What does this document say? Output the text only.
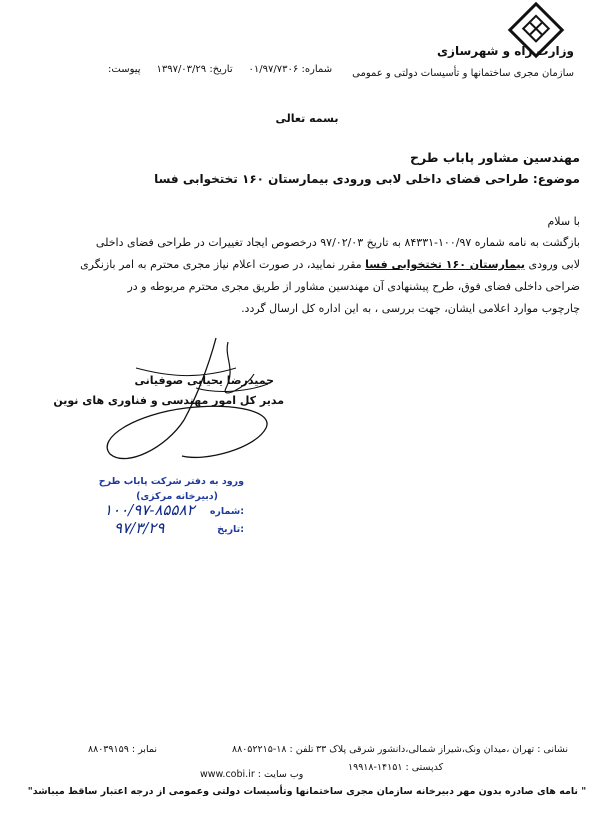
وزارت راه و شهرسازی
سازمان مجری ساختمانها و تأسیسات دولتی و عمومی
شماره: ۰۱/۹۷/۷۳۰۶     تاریخ: ۱۳۹۷/۰۳/۲۹     پیوست:
بسمه تعالی
مهندسین مشاور پاباب طرح
موضوع: طراحی فضای داخلی لابی ورودی بیمارستان ۱۶۰ تختخوابی فسا
با سلام
بازگشت به نامه شماره ۱۰۰/۹۷-۸۴۳۳۱ به تاریخ ۹۷/۰۲/۰۳ درخصوص ایجاد تغییرات در طراحی فضای داخلی
لابی ورودی بیمارستان ۱۶۰ تختخوابی فسا مقرر نمایید، در صورت اعلام نیاز مجری محترم به امر بازنگری
ضراحی داخلی فضای فوق، طرح پیشنهادی آن مهندسین مشاور از طریق مجری محترم مربوطه و در
چارچوب موارد اعلامی ایشان، جهت بررسی ، به این اداره کل ارسال گردد.
حمیدرضا یحیایی صوفیانی
مدیر کل امور مهندسی و فناوری های نوین
ورود به دفتر شرکت پاباب طرح
(دبیرخانه مرکزی)
شماره:
۱۰۰/۹۷-۸۵۵۸۲
تاریخ:
۹۷/۳/۲۹
نشانی : تهران ،میدان ونک،شیراز شمالی،دانشور شرقی پلاک ۳۳
تلفن : ۱۸-۸۸۰۵۲۲۱۵
نمابر : ۸۸۰۳۹۱۵۹
کدپستی : ۱۴۱۵۱-۱۹۹۱۸
وب سایت : www.cobi.ir
" نامه های صادره بدون مهر دبیرخانه سازمان مجری ساختمانها وتأسیسات دولتی وعمومی از درجه اعتبار ساقط میباشد"
